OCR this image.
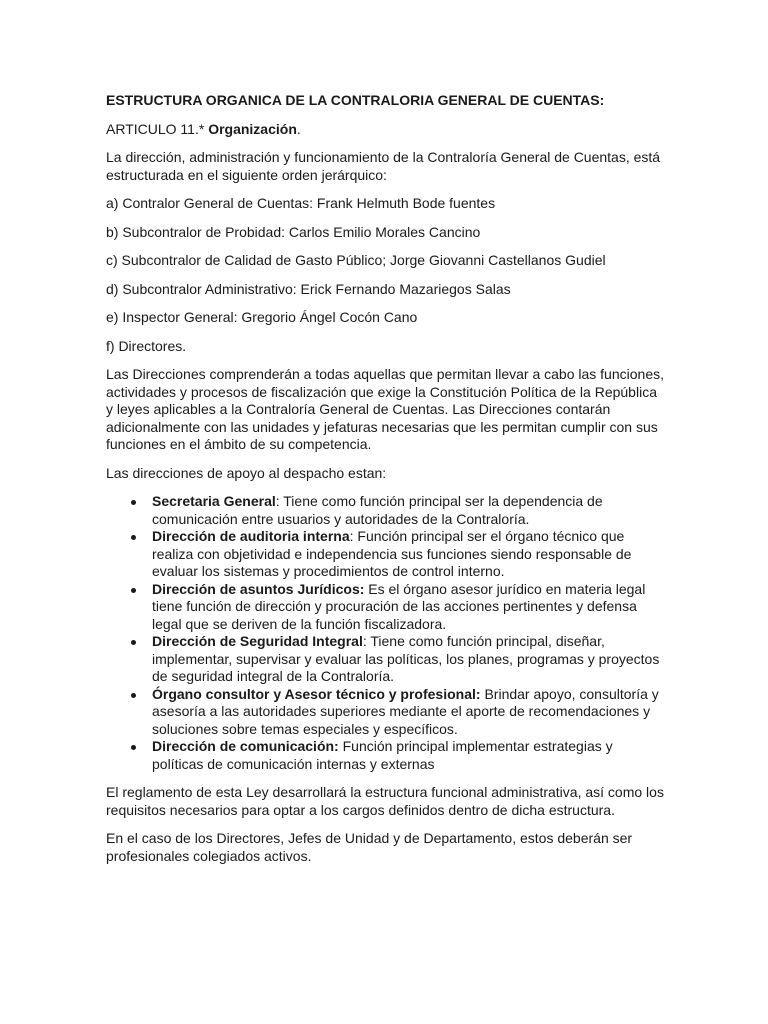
ESTRUCTURA ORGANICA DE LA CONTRALORIA GENERAL DE CUENTAS:

ARTICULO 11.* Organización.

La dirección, administración y funcionamiento de la Contraloría General de Cuentas, está estructurada en el siguiente orden jerárquico:

a) Contralor General de Cuentas: Frank Helmuth Bode fuentes

b) Subcontralor de Probidad: Carlos Emilio Morales Cancino

c) Subcontralor de Calidad de Gasto Público; Jorge Giovanni Castellanos Gudiel

d) Subcontralor Administrativo: Erick Fernando Mazariegos Salas

e) Inspector General: Gregorio Ángel Cocón Cano

f) Directores.

Las Direcciones comprenderán a todas aquellas que permitan llevar a cabo las funciones, actividades y procesos de fiscalización que exige la Constitución Política de la República y leyes aplicables a la Contraloría General de Cuentas. Las Direcciones contarán adicionalmente con las unidades y jefaturas necesarias que les permitan cumplir con sus funciones en el ámbito de su competencia.

Las direcciones de apoyo al despacho estan:

Secretaria General: Tiene como función principal ser la dependencia de comunicación entre usuarios y autoridades de la Contraloría.
Dirección de auditoria interna: Función principal ser el órgano técnico que realiza con objetividad e independencia sus funciones siendo responsable de evaluar los sistemas y procedimientos de control interno.
Dirección de asuntos Jurídicos: Es el órgano asesor jurídico en materia legal tiene función de dirección y procuración de las acciones pertinentes y defensa legal que se deriven de la función fiscalizadora.
Dirección de Seguridad Integral: Tiene como función principal, diseñar, implementar, supervisar y evaluar las políticas, los planes, programas y proyectos de seguridad integral de la Contraloría.
Órgano consultor y Asesor técnico y profesional: Brindar apoyo, consultoría y asesoría a las autoridades superiores mediante el aporte de recomendaciones y soluciones sobre temas especiales y específicos.
Dirección de comunicación: Función principal implementar estrategias y políticas de comunicación internas y externas

El reglamento de esta Ley desarrollará la estructura funcional administrativa, así como los requisitos necesarios para optar a los cargos definidos dentro de dicha estructura.

En el caso de los Directores, Jefes de Unidad y de Departamento, estos deberán ser profesionales colegiados activos.
